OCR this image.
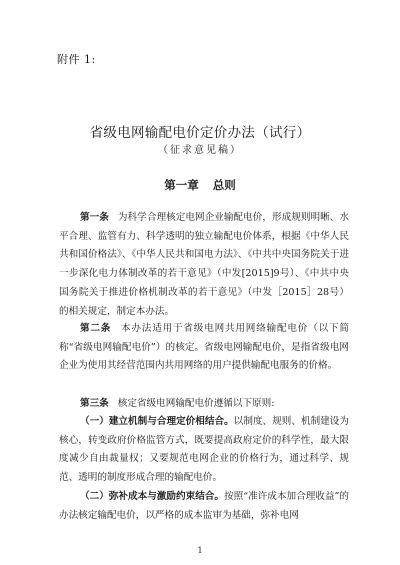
附件 1:
省级电网输配电价定价办法（试行）
（征求意见稿）
第一章 总则

第一条 为科学合理核定电网企业输配电价，形成规则明晰、水平合理、监管有力、科学透明的独立输配电价体系，根据《中华人民共和国价格法》、《中华人民共和国电力法》、《中共中央国务院关于进一步深化电力体制改革的若干意见》（中发[2015]9号）、《中共中央国务院关于推进价格机制改革的若干意见》（中发［2015］28号）的相关规定，制定本办法。

第二条 本办法适用于省级电网共用网络输配电价（以下简称“省级电网输配电价”）的核定。省级电网输配电价，是指省级电网企业为使用其经营范围内共用网络的用户提供输配电服务的价格。

第三条 核定省级电网输配电价遵循以下原则:

（一）建立机制与合理定价相结合。以制度、规则、机制建设为核心，转变政府价格监管方式，既要提高政府定价的科学性，最大限度减少自由裁量权；又要规范电网企业的价格行为，通过科学、规范、透明的制度形成合理的输配电价。

（二）弥补成本与激励约束结合。按照“准许成本加合理收益”的办法核定输配电价，以严格的成本监审为基础，弥补电网

1
